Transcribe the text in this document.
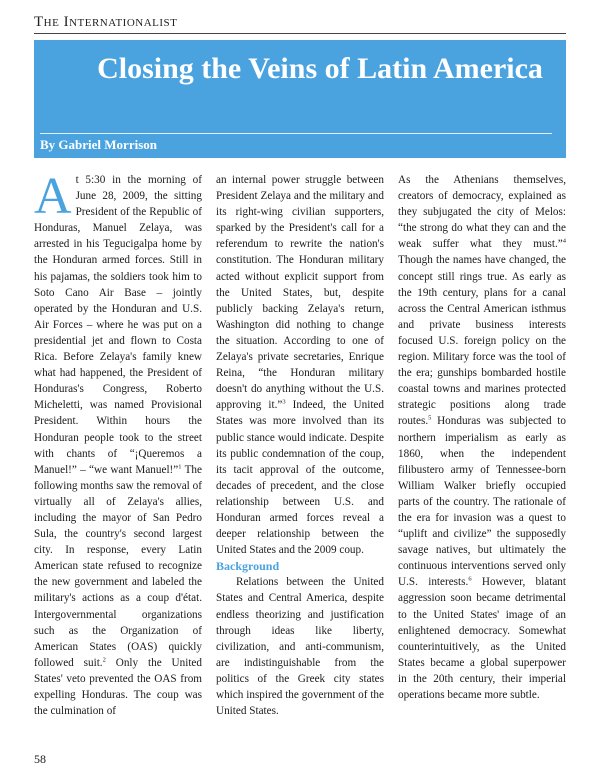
The Internationalist
Closing the Veins of Latin America
By Gabriel Morrison

At 5:30 in the morning of June 28, 2009, the sitting President of the Republic of Honduras, Manuel Zelaya, was arrested in his Tegucigalpa home by the Honduran armed forces. Still in his pajamas, the soldiers took him to Soto Cano Air Base – jointly operated by the Honduran and U.S. Air Forces – where he was put on a presidential jet and flown to Costa Rica. Before Zelaya's family knew what had happened, the President of Honduras's Congress, Roberto Micheletti, was named Provisional President. Within hours the Honduran people took to the street with chants of “¡Queremos a Manuel!” – “we want Manuel!”$^1$ The following months saw the removal of virtually all of Zelaya's allies, including the mayor of San Pedro Sula, the country's second largest city. In response, every Latin American state refused to recognize the new government and labeled the military's actions as a coup d'état. Intergovernmental organizations such as the Organization of American States (OAS) quickly followed suit.$^2$ Only the United States' veto prevented the OAS from expelling Honduras. The coup was the culmination of

an internal power struggle between President Zelaya and the military and its right-wing civilian supporters, sparked by the President's call for a referendum to rewrite the nation's constitution. The Honduran military acted without explicit support from the United States, but, despite publicly backing Zelaya's return, Washington did nothing to change the situation. According to one of Zelaya's private secretaries, Enrique Reina, “the Honduran military doesn't do anything without the U.S. approving it.”$^3$ Indeed, the United States was more involved than its public stance would indicate. Despite its public condemnation of the coup, its tacit approval of the outcome, decades of precedent, and the close relationship between U.S. and Honduran armed forces reveal a deeper relationship between the United States and the 2009 coup.

Background

Relations between the United States and Central America, despite endless theorizing and justification through ideas like liberty, civilization, and anti-communism, are indistinguishable from the politics of the Greek city states which inspired the government of the United States.

As the Athenians themselves, creators of democracy, explained as they subjugated the city of Melos: “the strong do what they can and the weak suffer what they must.”$^4$ Though the names have changed, the concept still rings true. As early as the 19th century, plans for a canal across the Central American isthmus and private business interests focused U.S. foreign policy on the region. Military force was the tool of the era; gunships bombarded hostile coastal towns and marines protected strategic positions along trade routes.$^5$ Honduras was subjected to northern imperialism as early as 1860, when the independent filibustero army of Tennessee-born William Walker briefly occupied parts of the country. The rationale of the era for invasion was a quest to “uplift and civilize” the supposedly savage natives, but ultimately the continuous interventions served only U.S. interests.$^6$ However, blatant aggression soon became detrimental to the United States' image of an enlightened democracy. Somewhat counterintuitively, as the United States became a global superpower in the 20th century, their imperial operations became more subtle.

58
